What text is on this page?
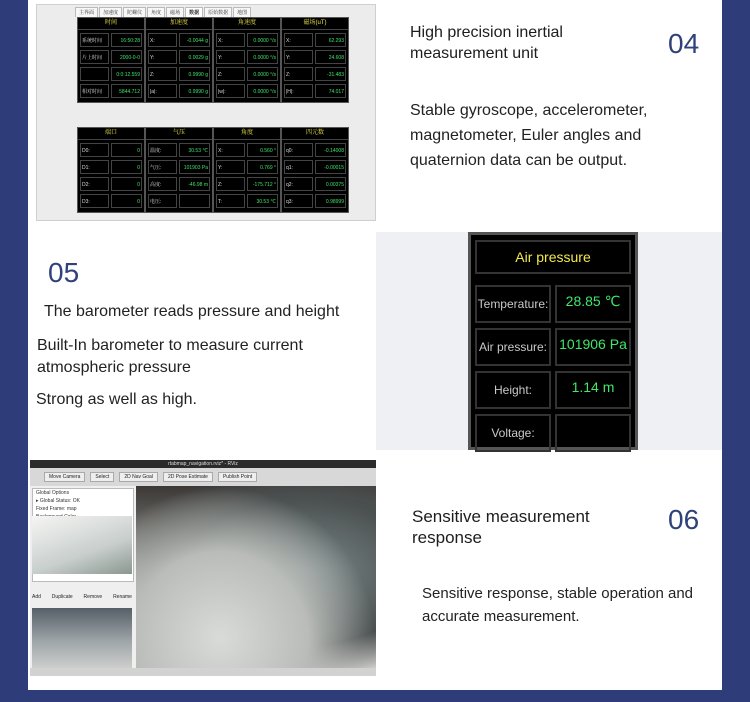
主界面	加速度	陀螺仪	角度	磁场	数据	原始数据	地图
时间
系统时间	16:50:28
片上时间	2000-0-0
0:0:12.559
相对时间	5844.712
加速度
X:	-0.0044 g
Y:	0.0029 g
Z:	0.9990 g
|a|:	0.9990 g
角速度
X:	0.0000 °/s
Y:	0.0000 °/s
Z:	0.0000 °/s
|w|:	0.0000 °/s
磁场(uT)
X:	62.293
Y:	24.608
Z:	-31.483
|H|:	74.017
端口
D0:	0
D1:	0
D2:	0
D3:	0
气压
温度:	30.53 ℃
气压:	101903 Pa
高度:	-46.98 m
电压:
角度
X:	0.560 °
Y:	0.769 °
Z:	-175.712 °
T:	30.53 ℃
四元数
q0:	-0.14008
q1:	-0.00015
q2:	0.00375
q3:	0.98999
High precision inertial
measurement unit	04
Stable gyroscope, accelerometer, magnetometer, Euler angles and quaternion data can be output.
05
The barometer reads pressure and height
Built-In barometer to measure current atmospheric pressure
Strong as well as high.
Air pressure
Temperature:	28.85 ℃
Air pressure: 101906 Pa
Height:	1.14 m
Voltage:
rtabmap_navigation.rviz* - RViz
Move Camera	Select	2D Nav Goal	2D Pose Estimate	Publish Point
Global Options
▸ Global Status: OK
Fixed Frame: map
Add Duplicate Remove Rename
Sensitive measurement
response
06
Sensitive response, stable operation and accurate measurement.
